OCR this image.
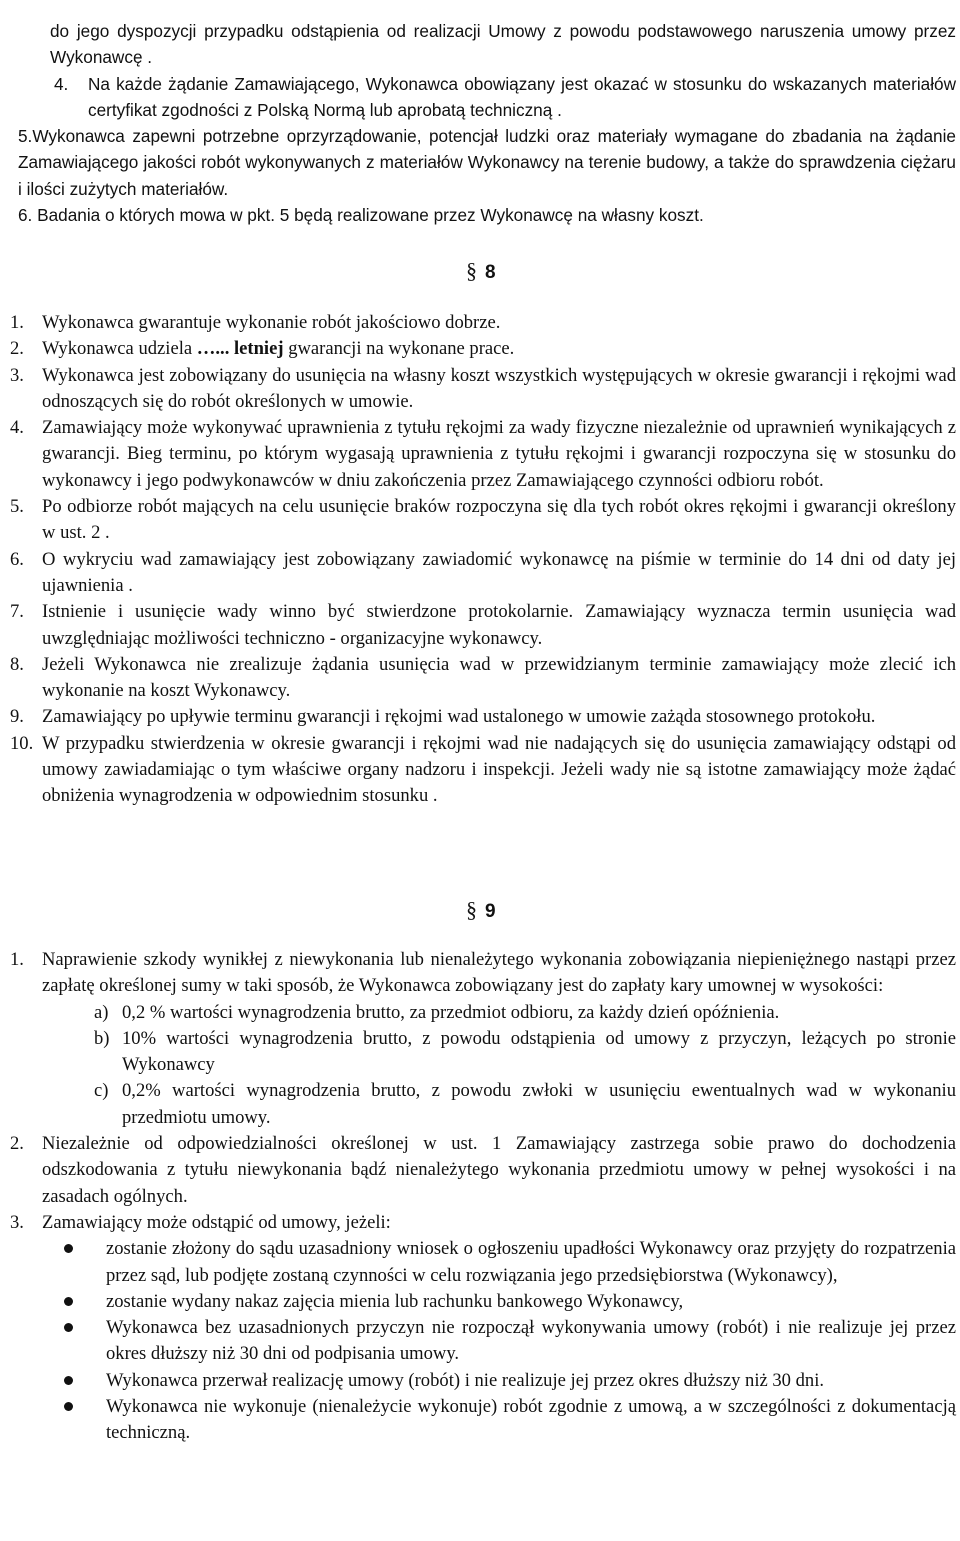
do jego dyspozycji przypadku odstąpienia od realizacji Umowy z powodu podstawowego naruszenia umowy przez Wykonawcę .
4.	Na każde żądanie Zamawiającego, Wykonawca obowiązany jest okazać w stosunku do wskazanych materiałów certyfikat zgodności z Polską Normą lub aprobatą techniczną .
5.Wykonawca zapewni potrzebne oprzyrządowanie, potencjał ludzki oraz materiały wymagane do zbadania na żądanie Zamawiającego jakości robót wykonywanych z materiałów Wykonawcy na terenie budowy, a także do sprawdzenia ciężaru i ilości zużytych materiałów.
6. Badania o których mowa w pkt. 5 będą realizowane przez Wykonawcę na własny koszt.
§ 8
1. Wykonawca gwarantuje wykonanie robót jakościowo dobrze.
2. Wykonawca udziela …... letniej gwarancji na wykonane prace.
3. Wykonawca jest zobowiązany do usunięcia na własny koszt wszystkich występujących w okresie gwarancji i rękojmi wad odnoszących się do robót określonych w umowie.
4. Zamawiający może wykonywać uprawnienia z tytułu rękojmi za wady fizyczne niezależnie od uprawnień wynikających z gwarancji. Bieg terminu, po którym wygasają uprawnienia z tytułu rękojmi i gwarancji rozpoczyna się w stosunku do wykonawcy i jego podwykonawców w dniu zakończenia przez Zamawiającego czynności odbioru robót.
5. Po odbiorze robót mających na celu usunięcie braków rozpoczyna się dla tych robót okres rękojmi i gwarancji określony w ust. 2 .
6. O wykryciu wad zamawiający jest zobowiązany zawiadomić wykonawcę na piśmie w terminie do 14 dni od daty jej ujawnienia .
7. Istnienie i usunięcie wady winno być stwierdzone protokolarnie. Zamawiający wyznacza termin usunięcia wad uwzględniając możliwości techniczno - organizacyjne wykonawcy.
8. Jeżeli Wykonawca nie zrealizuje żądania usunięcia wad w przewidzianym terminie zamawiający może zlecić ich wykonanie na koszt Wykonawcy.
9. Zamawiający po upływie terminu gwarancji i rękojmi wad ustalonego w umowie zażąda stosownego protokołu.
10. W przypadku stwierdzenia w okresie gwarancji i rękojmi wad nie nadających się do usunięcia zamawiający odstąpi od umowy zawiadamiając o tym właściwe organy nadzoru i inspekcji. Jeżeli wady nie są istotne zamawiający może żądać obniżenia wynagrodzenia w odpowiednim stosunku .
§ 9
1. Naprawienie szkody wynikłej z niewykonania lub nienależytego wykonania zobowiązania niepieniężnego nastąpi przez zapłatę określonej sumy w taki sposób, że Wykonawca zobowiązany jest do zapłaty kary umownej w wysokości:
a) 0,2 % wartości wynagrodzenia brutto, za przedmiot odbioru, za każdy dzień opóźnienia.
b) 10% wartości wynagrodzenia brutto, z powodu odstąpienia od umowy z przyczyn, leżących po stronie Wykonawcy
c) 0,2% wartości wynagrodzenia brutto, z powodu zwłoki w usunięciu ewentualnych wad w wykonaniu przedmiotu umowy.
2. Niezależnie od odpowiedzialności określonej w ust. 1 Zamawiający zastrzega sobie prawo do dochodzenia odszkodowania z tytułu niewykonania bądź nienależytego wykonania przedmiotu umowy w pełnej wysokości i na zasadach ogólnych.
3. Zamawiający może odstąpić od umowy, jeżeli:
zostanie złożony do sądu uzasadniony wniosek o ogłoszeniu upadłości Wykonawcy oraz przyjęty do rozpatrzenia przez sąd, lub podjęte zostaną czynności w celu rozwiązania jego przedsiębiorstwa (Wykonawcy),
zostanie wydany nakaz zajęcia mienia lub rachunku bankowego Wykonawcy,
Wykonawca bez uzasadnionych przyczyn nie rozpoczął wykonywania umowy (robót) i nie realizuje jej przez okres dłuższy niż 30 dni od podpisania umowy.
Wykonawca przerwał realizację umowy (robót) i nie realizuje jej przez okres dłuższy niż 30 dni.
Wykonawca nie wykonuje (nienależycie wykonuje) robót zgodnie z umową, a w szczególności z dokumentacją techniczną.
